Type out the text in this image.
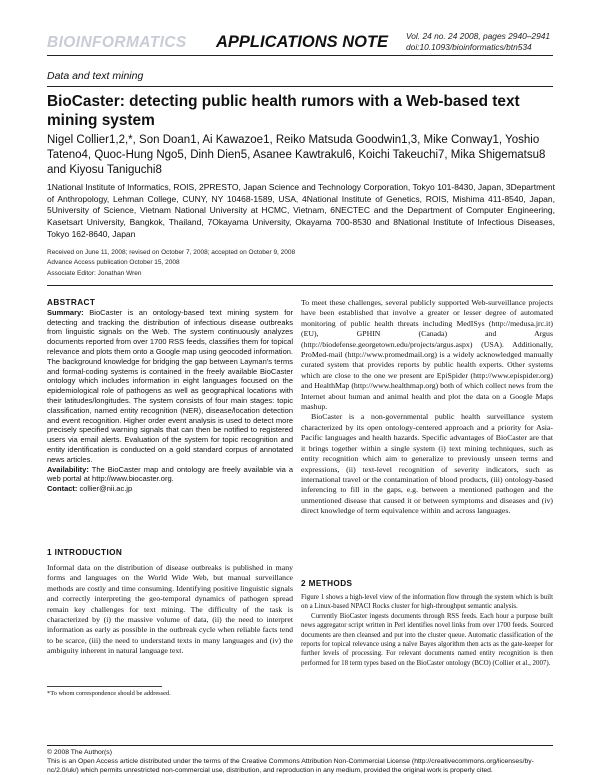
BIOINFORMATICS APPLICATIONS NOTE Vol. 24 no. 24 2008, pages 2940–2941
doi:10.1093/bioinformatics/btn534
Data and text mining
BioCaster: detecting public health rumors with a Web-based text mining system
Nigel Collier1,2,*, Son Doan1, Ai Kawazoe1, Reiko Matsuda Goodwin1,3, Mike Conway1, Yoshio Tateno4, Quoc-Hung Ngo5, Dinh Dien5, Asanee Kawtrakul6, Koichi Takeuchi7, Mika Shigematsu8 and Kiyosu Taniguchi8
1National Institute of Informatics, ROIS, 2PRESTO, Japan Science and Technology Corporation, Tokyo 101-8430, Japan, 3Department of Anthropology, Lehman College, CUNY, NY 10468-1589, USA, 4National Institute of Genetics, ROIS, Mishima 411-8540, Japan, 5University of Science, Vietnam National University at HCMC, Vietnam, 6NECTEC and the Department of Computer Engineering, Kasetsart University, Bangkok, Thailand, 7Okayama University, Okayama 700-8530 and 8National Institute of Infectious Diseases, Tokyo 162-8640, Japan
Received on June 11, 2008; revised on October 7, 2008; accepted on October 9, 2008
Advance Access publication October 15, 2008
Associate Editor: Jonathan Wren

ABSTRACT

Summary: BioCaster is an ontology-based text mining system for detecting and tracking the distribution of infectious disease outbreaks from linguistic signals on the Web. The system continuously analyzes documents reported from over 1700 RSS feeds, classifies them for topical relevance and plots them onto a Google map using geocoded information. The background knowledge for bridging the gap between Layman's terms and formal-coding systems is contained in the freely available BioCaster ontology which includes information in eight languages focused on the epidemiological role of pathogens as well as geographical locations with their latitudes/longitudes. The system consists of four main stages: topic classification, named entity recognition (NER), disease/location detection and event recognition. Higher order event analysis is used to detect more precisely specified warning signals that can then be notified to registered users via email alerts. Evaluation of the system for topic recognition and entity identification is conducted on a gold standard corpus of annotated news articles.

Availability: The BioCaster map and ontology are freely available via a web portal at http://www.biocaster.org.

Contact: collier@nii.ac.jp

1 INTRODUCTION
Informal data on the distribution of disease outbreaks is published in many forms and languages on the World Wide Web, but manual surveillance methods are costly and time consuming. Identifying positive linguistic signals and correctly interpreting the geo-temporal dynamics of pathogen spread remain key challenges for text mining. The difficulty of the task is characterized by (i) the massive volume of data, (ii) the need to interpret information as early as possible in the outbreak cycle when reliable facts tend to be scarce, (iii) the need to understand texts in many languages and (iv) the ambiguity inherent in natural language text.

To meet these challenges, several publicly supported Web-surveillance projects have been established that involve a greater or lesser degree of automated monitoring of public health threats including MedISys (http://medusa.jrc.it) (EU), GPHIN (Canada) and Argus (http://biodefense.georgetown.edu/projects/argus.aspx) (USA). Additionally, ProMed-mail (http://www.promedmail.org) is a widely acknowledged manually curated system that provides reports by public health experts. Other systems which are close to the one we present are EpiSpider (http://www.epispider.org) and HealthMap (http://www.healthmap.org) both of which collect news from the Internet about human and animal health and plot the data on a Google Maps mashup.

BioCaster is a non-governmental public health surveillance system characterized by its open ontology-centered approach and a priority for Asia-Pacific languages and health hazards. Specific advantages of BioCaster are that it brings together within a single system (i) text mining techniques, such as entity recognition which aim to generalize to previously unseen terms and expressions, (ii) text-level recognition of severity indicators, such as international travel or the contamination of blood products, (iii) ontology-based inferencing to fill in the gaps, e.g. between a mentioned pathogen and the unmentioned disease that caused it or between symptoms and diseases and (iv) direct knowledge of term equivalence within and across languages.

2 METHODS

Figure 1 shows a high-level view of the information flow through the system which is built on a Linux-based NPACI Rocks cluster for high-throughput semantic analysis.

Currently BioCaster ingests documents through RSS feeds. Each hour a purpose built news aggregator script written in Perl identifies novel links from over 1700 feeds. Sourced documents are then cleansed and put into the cluster queue. Automatic classification of the reports for topical relevance using a naïve Bayes algorithm then acts as the gate-keeper for further levels of processing. For relevant documents named entity recognition is then performed for 18 term types based on the BioCaster ontology (BCO) (Collier et al., 2007).

*To whom correspondence should be addressed.
© 2008 The Author(s)
This is an Open Access article distributed under the terms of the Creative Commons Attribution Non-Commercial License (http://creativecommons.org/licenses/by-nc/2.0/uk/) which permits unrestricted non-commercial use, distribution, and reproduction in any medium, provided the original work is properly cited.
